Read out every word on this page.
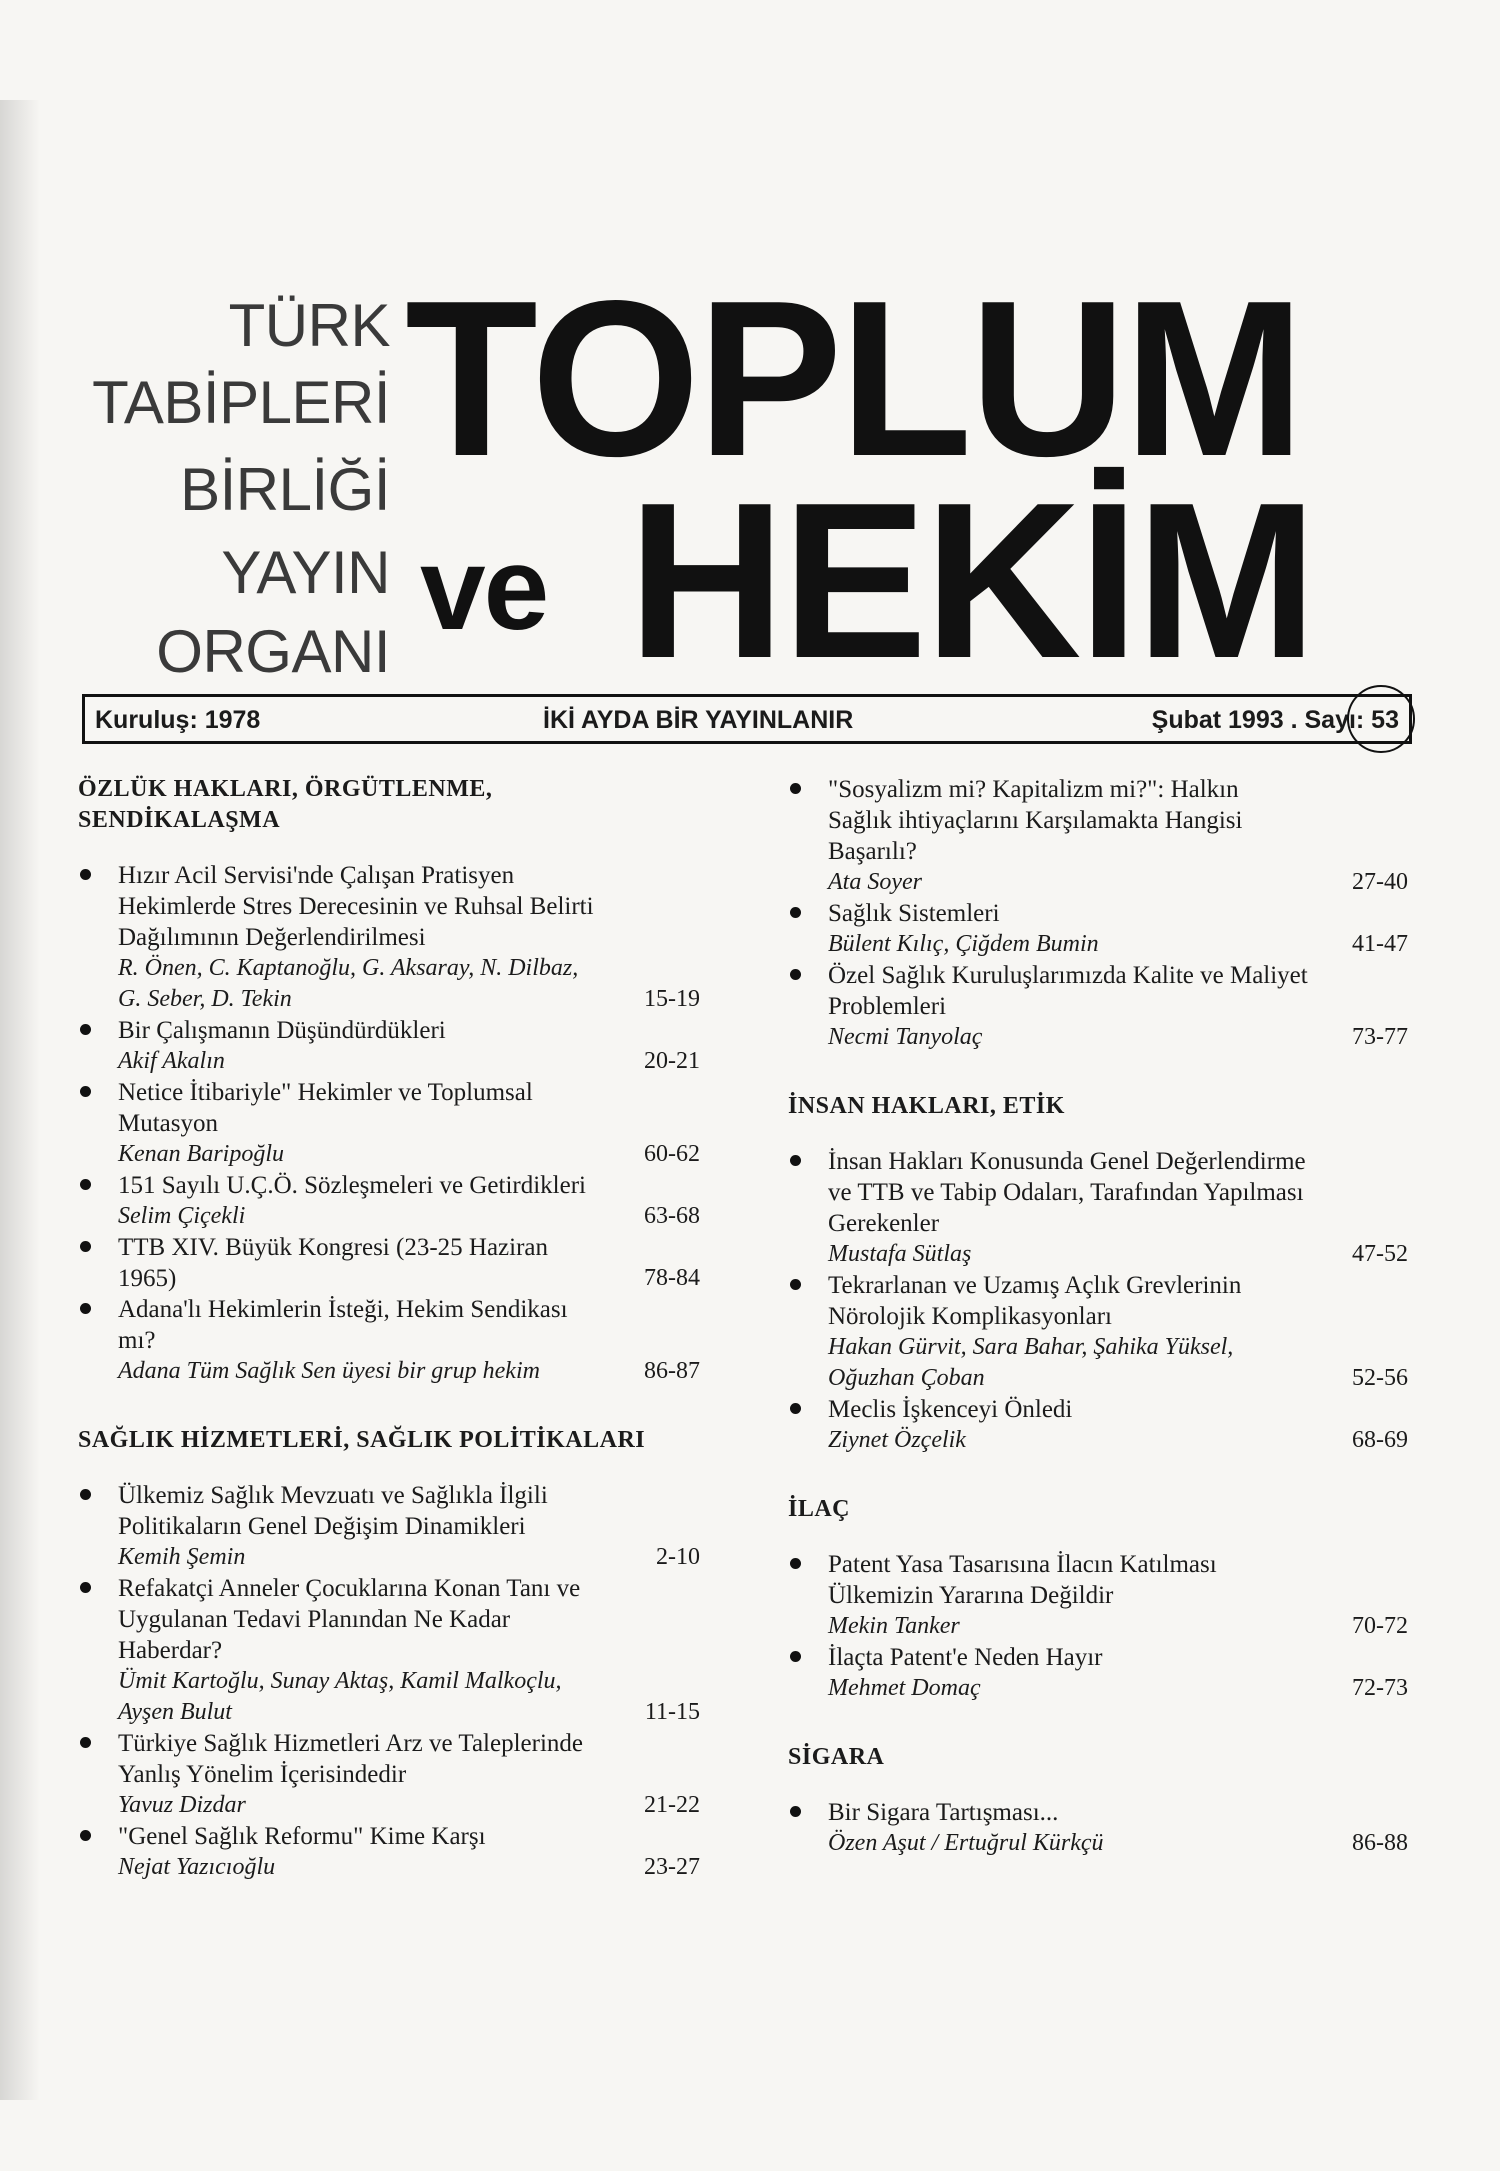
TÜRK
TABİPLERİ
BİRLİĞİ
YAYIN
ORGANI
TOPLUM
ve HEKİM
Kuruluş: 1978	İKİ AYDA BİR YAYINLANIR	Şubat 1993 . Sayı: 53
ÖZLÜK HAKLARI, ÖRGÜTLENME, SENDİKALAŞMA
Hızır Acil Servisi'nde Çalışan Pratisyen Hekimlerde Stres Derecesinin ve Ruhsal Belirti Dağılımının Değerlendirilmesi
R. Önen, C. Kaptanoğlu, G. Aksaray, N. Dilbaz, G. Seber, D. Tekin	15-19
Bir Çalışmanın Düşündürdükleri
Akif Akalın	20-21
Netice İtibariyle" Hekimler ve Toplumsal Mutasyon
Kenan Baripoğlu	60-62
151 Sayılı U.Ç.Ö. Sözleşmeleri ve Getirdikleri
Selim Çiçekli	63-68
TTB XIV. Büyük Kongresi (23-25 Haziran 1965)	78-84
Adana'lı Hekimlerin İsteği, Hekim Sendikası mı?
Adana Tüm Sağlık Sen üyesi bir grup hekim	86-87
SAĞLIK HİZMETLERİ, SAĞLIK POLİTİKALARI
Ülkemiz Sağlık Mevzuatı ve Sağlıkla İlgili Politikaların Genel Değişim Dinamikleri
Kemih Şemin	2-10
Refakatçi Anneler Çocuklarına Konan Tanı ve Uygulanan Tedavi Planından Ne Kadar Haberdar?
Ümit Kartoğlu, Sunay Aktaş, Kamil Malkoçlu, Ayşen Bulut	11-15
Türkiye Sağlık Hizmetleri Arz ve Taleplerinde Yanlış Yönelim İçerisindedir
Yavuz Dizdar	21-22
"Genel Sağlık Reformu" Kime Karşı
Nejat Yazıcıoğlu	23-27
"Sosyalizm mi? Kapitalizm mi?": Halkın Sağlık ihtiyaçlarını Karşılamakta Hangisi Başarılı?
Ata Soyer	27-40
Sağlık Sistemleri
Bülent Kılıç, Çiğdem Bumin	41-47
Özel Sağlık Kuruluşlarımızda Kalite ve Maliyet Problemleri
Necmi Tanyolaç	73-77
İNSAN HAKLARI, ETİK
İnsan Hakları Konusunda Genel Değerlendirme ve TTB ve Tabip Odaları, Tarafından Yapılması Gerekenler
Mustafa Sütlaş	47-52
Tekrarlanan ve Uzamış Açlık Grevlerinin Nörolojik Komplikasyonları
Hakan Gürvit, Sara Bahar, Şahika Yüksel, Oğuzhan Çoban	52-56
Meclis İşkenceyi Önledi
Ziynet Özçelik	68-69
İLAÇ
Patent Yasa Tasarısına İlacın Katılması Ülkemizin Yararına Değildir
Mekin Tanker	70-72
İlaçta Patent'e Neden Hayır
Mehmet Domaç	72-73
SİGARA
Bir Sigara Tartışması...
Özen Aşut / Ertuğrul Kürkçü	86-88
